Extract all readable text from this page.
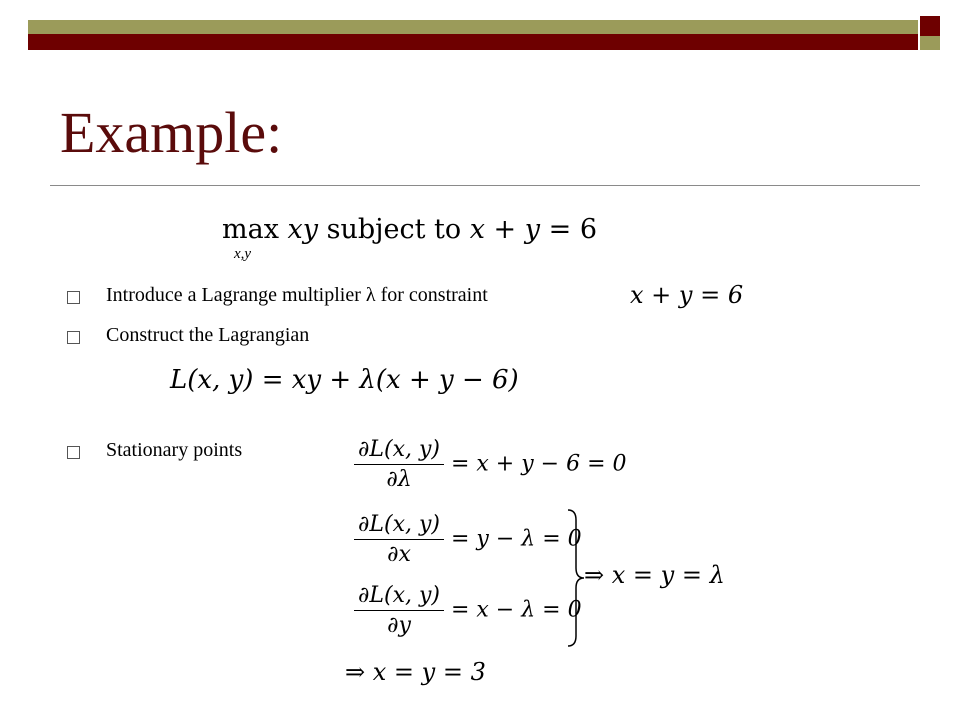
Example:
max xy subject to x + y = 6
x,y
Introduce a Lagrange multiplier λ for constraint	x + y = 6
Construct the Lagrangian
L(x, y) = xy + λ(x + y − 6)
Stationary points	$\frac{\partial L(x, y)}{\partial\lambda} = x + y - 6 = 0$
$\frac{\partial L(x, y)}{\partial x} = y - \lambda = 0$
$\frac{\partial L(x, y)}{\partial y} = x - \lambda = 0$
⇒ x = y = λ
⇒ x = y = 3
